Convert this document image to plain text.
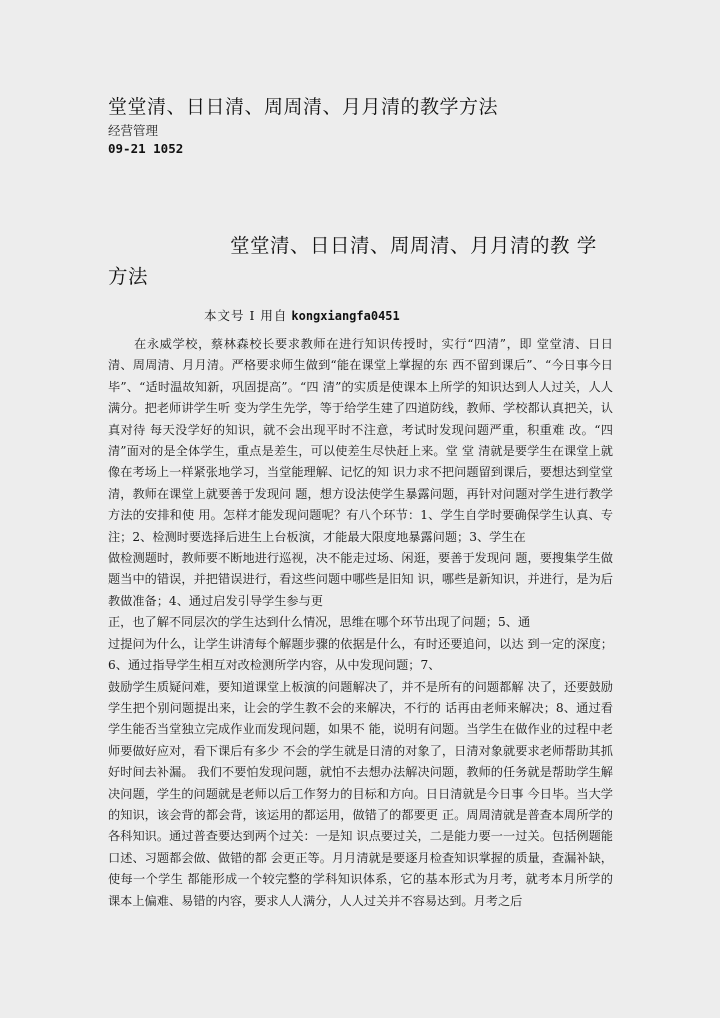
堂堂清、日日清、周周清、月月清的教学方法
经营管理
09-21 1052
堂堂清、日日清、周周清、月月清的教 学方法
本文号 I 用自 kongxiangfa0451

在永威学校，蔡林森校长要求教师在进行知识传授时，实行“四清”，即 堂堂清、日日清、周周清、月月清。严格要求师生做到“能在课堂上掌握的东 西不留到课后”、“今日事今日毕”、“适时温故知新，巩固提高”。“四 清”的实质是使课本上所学的知识达到人人过关，人人满分。把老师讲学生听 变为学生先学，等于给学生建了四道防线，教师、学校都认真把关，认真对待 每天没学好的知识，就不会出现平时不注意，考试时发现问题严重，积重难 改。“四清”面对的是全体学生，重点是差生，可以使差生尽快赶上来。堂 堂 清就是要学生在课堂上就像在考场上一样紧张地学习，当堂能理解、记忆的知 识力求不把问题留到课后，要想达到堂堂清，教师在课堂上就要善于发现问 题，想方设法使学生暴露问题，再针对问题对学生进行教学方法的安排和使 用。怎样才能发现问题呢？有八个环节：1、学生自学时要确保学生认真、专 注；2、检测时要选择后进生上台板演，才能最大限度地暴露问题；3、学生在

做检测题时，教师要不断地进行巡视，决不能走过场、闲逛，要善于发现问 题，要搜集学生做题当中的错误，并把错误进行，看这些问题中哪些是旧知 识，哪些是新知识，并进行，是为后教做准备；4、通过启发引导学生参与更

正，也了解不同层次的学生达到什么情况，思维在哪个环节出现了问题；5、通

过提问为什么，让学生讲清每个解题步骤的依据是什么，有时还要追问，以达 到一定的深度；6、通过指导学生相互对改检测所学内容，从中发现问题；7、

鼓励学生质疑问难，要知道课堂上板演的问题解决了，并不是所有的问题都解 决了，还要鼓励学生把个别问题提出来，让会的学生教不会的来解决，不行的 话再由老师来解决；8、通过看学生能否当堂独立完成作业而发现问题，如果不 能，说明有问题。当学生在做作业的过程中老师要做好应对，看下课后有多少 不会的学生就是日清的对象了，日清对象就要求老师帮助其抓好时间去补漏。 我们不要怕发现问题，就怕不去想办法解决问题，教师的任务就是帮助学生解 决问题，学生的问题就是老师以后工作努力的目标和方向。日日清就是今日事 今日毕。当大学的知识，该会背的都会背，该运用的都运用，做错了的都要更 正。周周清就是普查本周所学的各科知识。通过普查要达到两个过关：一是知 识点要过关，二是能力要一一过关。包括例题能口述、习题都会做、做错的都 会更正等。月月清就是要逐月检查知识掌握的质量，查漏补缺，使每一个学生 都能形成一个较完整的学科知识体系，它的基本形式为月考，就考本月所学的 课本上偏难、易错的内容，要求人人满分，人人过关并不容易达到。月考之后
